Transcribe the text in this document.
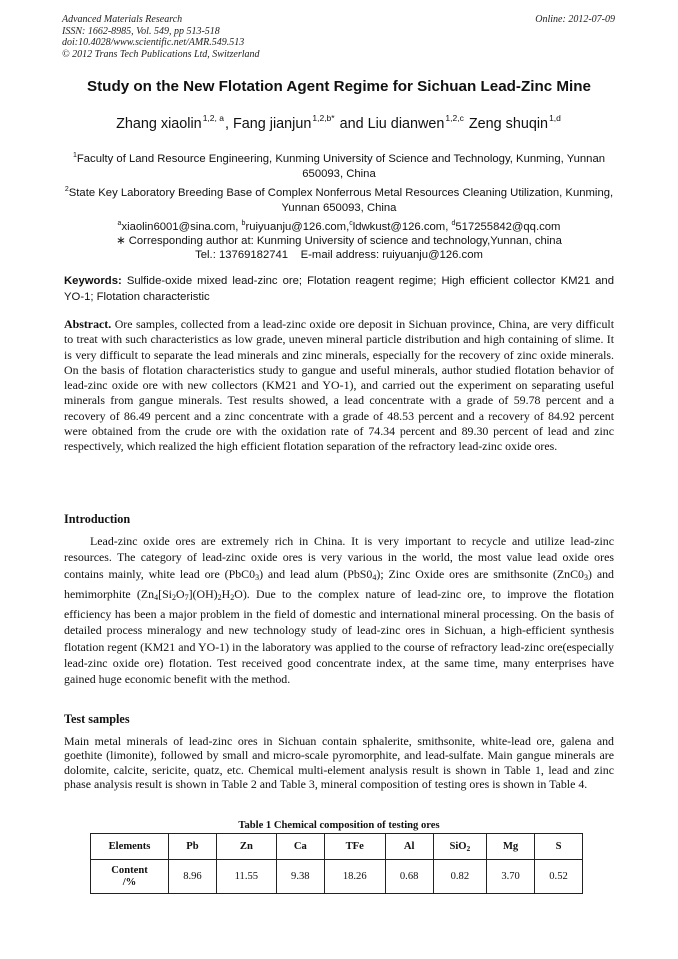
Advanced Materials Research
ISSN: 1662-8985, Vol. 549, pp 513-518
doi:10.4028/www.scientific.net/AMR.549.513
© 2012 Trans Tech Publications Ltd, Switzerland
Online: 2012-07-09
Study on the New Flotation Agent Regime for Sichuan Lead-Zinc Mine
Zhang xiaolin$^{1,2, a}$, Fang jianjun$^{1,2,b*}$ and Liu dianwen$^{1,2,c}$ Zeng shuqin$^{1,d}$
$^1$Faculty of Land Resource Engineering, Kunming University of Science and Technology, Kunming, Yunnan 650093, China
$^2$State Key Laboratory Breeding Base of Complex Nonferrous Metal Resources Cleaning Utilization, Kunming, Yunnan 650093, China
$^a$xiaolin6001@sina.com, $^b$ruiyuanju@126.com,$^c$ldwkust@126.com, $^d$517255842@qq.com
∗ Corresponding author at: Kunming University of science and technology,Yunnan, china
Tel.: 13769182741    E-mail address: ruiyuanju@126.com
Keywords: Sulfide-oxide mixed lead-zinc ore; Flotation reagent regime; High efficient collector KM21 and YO-1; Flotation characteristic
Abstract. Ore samples, collected from a lead-zinc oxide ore deposit in Sichuan province, China, are very difficult to treat with such characteristics as low grade, uneven mineral particle distribution and high containing of slime. It is very difficult to separate the lead minerals and zinc minerals, especially for the recovery of zinc oxide minerals. On the basis of flotation characteristics study to gangue and useful minerals, author studied flotation behavior of lead-zinc oxide ore with new collectors (KM21 and YO-1), and carried out the experiment on separating useful minerals from gangue minerals. Test results showed, a lead concentrate with a grade of 59.78 percent and a recovery of 86.49 percent and a zinc concentrate with a grade of 48.53 percent and a recovery of 84.92 percent were obtained from the crude ore with the oxidation rate of 74.34 percent and 89.30 percent of lead and zinc respectively, which realized the high efficient flotation separation of the refractory lead-zinc oxide ores.
Introduction
Lead-zinc oxide ores are extremely rich in China. It is very important to recycle and utilize lead-zinc resources. The category of lead-zinc oxide ores is very various in the world, the most value lead oxide ores contains mainly, white lead ore $(PbC0_3)$ and lead alum $(PbS0_4)$; Zinc Oxide ores are smithsonite $(ZnC0_3)$ and hemimorphite $(Zn_4[Si_2O_7](OH)_2H_2O)$. Due to the complex nature of lead-zinc ore, to improve the flotation efficiency has been a major problem in the field of domestic and international mineral processing. On the basis of detailed process mineralogy and new technology study of lead-zinc ores in Sichuan, a high-efficient synthesis flotation regent (KM21 and YO-1) in the laboratory was applied to the course of refractory lead-zinc ore(especially lead-zinc oxide ore) flotation. Test received good concentrate index, at the same time, many enterprises have gained huge economic benefit with the method.
Test samples
Main metal minerals of lead-zinc ores in Sichuan contain sphalerite, smithsonite, white-lead ore, galena and goethite (limonite), followed by small and micro-scale pyromorphite, and lead-sulfate. Main gangue minerals are dolomite, calcite, sericite, quatz, etc. Chemical multi-element analysis result is shown in Table 1, lead and zinc phase analysis result is shown in Table 2 and Table 3, mineral composition of testing ores is shown in Table 4.
Table 1 Chemical composition of testing ores
Elements	Pb	Zn	Ca	TFe	Al	SiO$_2$	Mg	S
Content
/%	8.96	11.55	9.38	18.26	0.68	0.82	3.70	0.52
